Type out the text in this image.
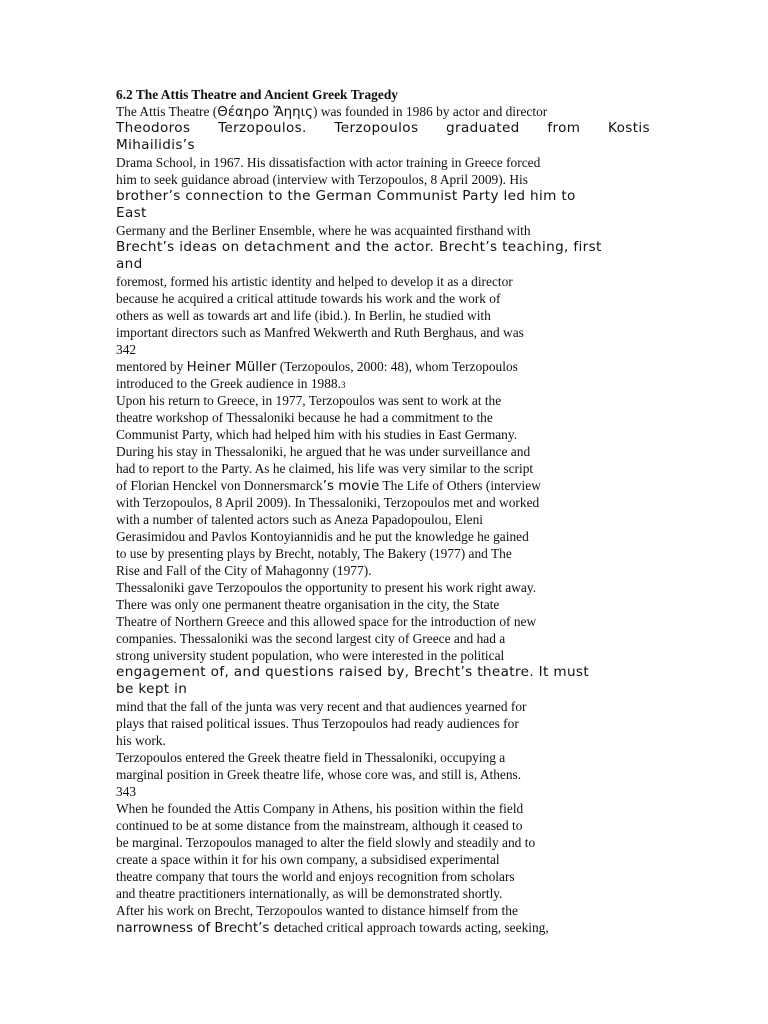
6.2 The Attis Theatre and Ancient Greek Tragedy
The Attis Theatre (Θέαηρο Ἄηηις) was founded in 1986 by actor and director
Theodoros Terzopoulos. Terzopoulos graduated from Kostis
Mihailidis’s
Drama School, in 1967. His dissatisfaction with actor training in Greece forced
him to seek guidance abroad (interview with Terzopoulos, 8 April 2009). His
brother’s connection to the German Communist Party led him to
East
Germany and the Berliner Ensemble, where he was acquainted firsthand with
Brecht’s ideas on detachment and the actor. Brecht’s teaching, first
and
foremost, formed his artistic identity and helped to develop it as a director
because he acquired a critical attitude towards his work and the work of
others as well as towards art and life (ibid.). In Berlin, he studied with
important directors such as Manfred Wekwerth and Ruth Berghaus, and was
342
mentored by Heiner Müller (Terzopoulos, 2000: 48), whom Terzopoulos
introduced to the Greek audience in 1988.3
Upon his return to Greece, in 1977, Terzopoulos was sent to work at the
theatre workshop of Thessaloniki because he had a commitment to the
Communist Party, which had helped him with his studies in East Germany.
During his stay in Thessaloniki, he argued that he was under surveillance and
had to report to the Party. As he claimed, his life was very similar to the script
of Florian Henckel von Donnersmarck’s movie The Life of Others (interview
with Terzopoulos, 8 April 2009). In Thessaloniki, Terzopoulos met and worked
with a number of talented actors such as Aneza Papadopoulou, Eleni
Gerasimidou and Pavlos Kontoyiannidis and he put the knowledge he gained
to use by presenting plays by Brecht, notably, The Bakery (1977) and The
Rise and Fall of the City of Mahagonny (1977).
Thessaloniki gave Terzopoulos the opportunity to present his work right away.
There was only one permanent theatre organisation in the city, the State
Theatre of Northern Greece and this allowed space for the introduction of new
companies. Thessaloniki was the second largest city of Greece and had a
strong university student population, who were interested in the political
engagement of, and questions raised by, Brecht’s theatre. It must
be kept in
mind that the fall of the junta was very recent and that audiences yearned for
plays that raised political issues. Thus Terzopoulos had ready audiences for
his work.
Terzopoulos entered the Greek theatre field in Thessaloniki, occupying a
marginal position in Greek theatre life, whose core was, and still is, Athens.
343
When he founded the Attis Company in Athens, his position within the field
continued to be at some distance from the mainstream, although it ceased to
be marginal. Terzopoulos managed to alter the field slowly and steadily and to
create a space within it for his own company, a subsidised experimental
theatre company that tours the world and enjoys recognition from scholars
and theatre practitioners internationally, as will be demonstrated shortly.
After his work on Brecht, Terzopoulos wanted to distance himself from the
narrowness of Brecht’s detached critical approach towards acting, seeking,
